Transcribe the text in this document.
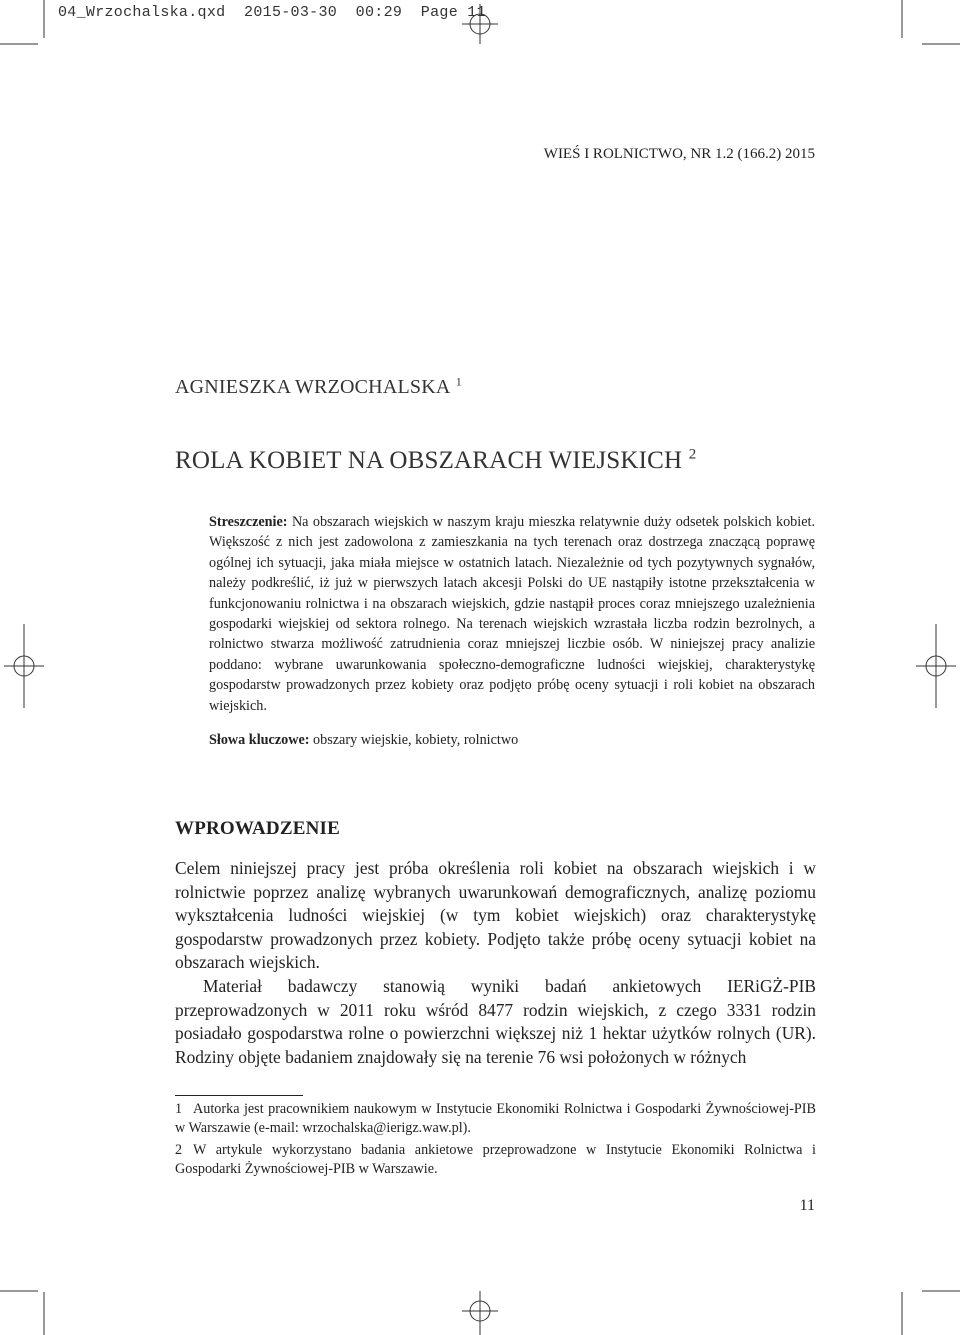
04_Wrzochalska.qxd 2015-03-30 00:29 Page 11
WIEŚ I ROLNICTWO, NR 1.2 (166.2) 2015
AGNIESZKA WRZOCHALSKA $^1$
ROLA KOBIET NA OBSZARACH WIEJSKICH $^2$
Streszczenie: Na obszarach wiejskich w naszym kraju mieszka relatywnie duży odsetek polskich kobiet. Większość z nich jest zadowolona z zamieszkania na tych terenach oraz dostrzega znaczącą poprawę ogólnej ich sytuacji, jaka miała miejsce w ostatnich latach. Niezależnie od tych pozytywnych sygnałów, należy podkreślić, iż już w pierwszych latach akcesji Polski do UE nastąpiły istotne przekształcenia w funkcjonowaniu rolnictwa i na obszarach wiejskich, gdzie nastąpił proces coraz mniejszego uzależnienia gospodarki wiejskiej od sektora rolnego. Na terenach wiejskich wzrastała liczba rodzin bezrolnych, a rolnictwo stwarza możliwość zatrudnienia coraz mniejszej liczbie osób. W niniejszej pracy analizie poddano: wybrane uwarunkowania społeczno-demograficzne ludności wiejskiej, charakterystykę gospodarstw prowadzonych przez kobiety oraz podjęto próbę oceny sytuacji i roli kobiet na obszarach wiejskich.
Słowa kluczowe: obszary wiejskie, kobiety, rolnictwo
WPROWADZENIE

Celem niniejszej pracy jest próba określenia roli kobiet na obszarach wiejskich i w rolnictwie poprzez analizę wybranych uwarunkowań demograficznych, analizę poziomu wykształcenia ludności wiejskiej (w tym kobiet wiejskich) oraz charakterystykę gospodarstw prowadzonych przez kobiety. Podjęto także próbę oceny sytuacji kobiet na obszarach wiejskich.

Materiał badawczy stanowią wyniki badań ankietowych IERiGŻ-PIB przeprowadzonych w 2011 roku wśród 8477 rodzin wiejskich, z czego 3331 rodzin posiadało gospodarstwa rolne o powierzchni większej niż 1 hektar użytków rolnych (UR). Rodziny objęte badaniem znajdowały się na terenie 76 wsi położonych w różnych

1 Autorka jest pracownikiem naukowym w Instytucie Ekonomiki Rolnictwa i Gospodarki Żywnościowej-PIB w Warszawie (e-mail: wrzochalska@ierigz.waw.pl).

2 W artykule wykorzystano badania ankietowe przeprowadzone w Instytucie Ekonomiki Rolnictwa i Gospodarki Żywnościowej-PIB w Warszawie.

11
